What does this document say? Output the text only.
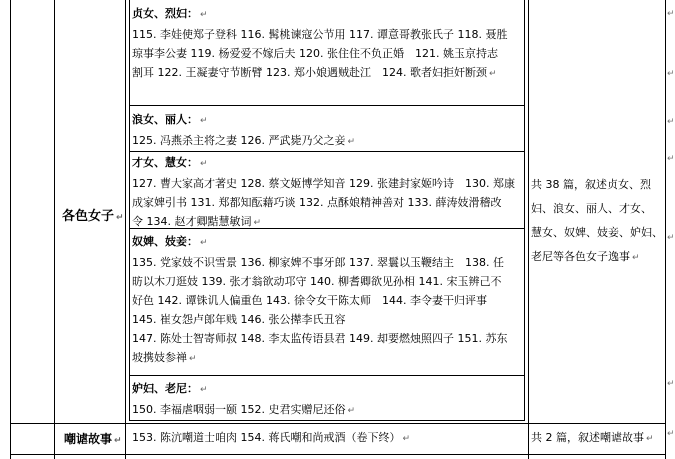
各色女子 ↵
贞女、烈妇： ↵
115. 李娃使郑子登科 116. 髯桃谏寇公节用 117. 谭意哥教张氏子 118. 聂胜
琼事李公妻 119. 杨爱爱不嫁后夫 120. 张住住不负正婚　121. 姚玉京持志
割耳 122. 王凝妻守节断臂 123. 郑小娘遇贼赴江　124. 歌者妇拒奸断颈 ↵
浪女、丽人： ↵
125. 冯燕杀主将之妻 126. 严武毙乃父之妾 ↵
才女、慧女： ↵
127. 曹大家高才著史 128. 蔡文姬博学知音 129. 张建封家姬吟诗　130. 郑康
成家婢引书 131. 郑都知酝藉巧谈 132. 点酥娘精神善对 133. 薛涛妓滑稽改
令 134. 赵才卿黠慧敏词 ↵
奴婢、妓妾： ↵
135. 党家妓不识雪景 136. 柳家婢不事牙郎 137. 翠鬟以玉鞭结主　138. 任
昉以木刀逛妓 139. 张才翁欲动邛守 140. 柳耆卿欲见孙相 141. 宋玉辨己不
好色 142. 谭铢讥人偏重色 143. 徐令女干陈太师　144. 李令妻干归评事
145. 崔女怨卢郎年贱 146. 张公撵李氏丑容
147. 陈处士智寄师叔 148. 李太监传语县君 149. 却要燃烛照四子 151. 苏东
坡携妓参禅 ↵
妒妇、老尼： ↵
150. 李福虐咽弱一颐 152. 史君实赠尼还俗 ↵
共 38 篇，叙述贞女、烈
妇、浪女、丽人、才女、
慧女、奴婢、妓妾、妒妇、
老尼等各色女子逸事 ↵
嘲谑故事 ↵ 153. 陈沆嘲道士咱肉 154. 蒋氏嘲和尚戒酒（卷下终） ↵	共 2 篇，叙述嘲谑故事 ↵
↵
↵
↵
↵
↵
↵
↵
